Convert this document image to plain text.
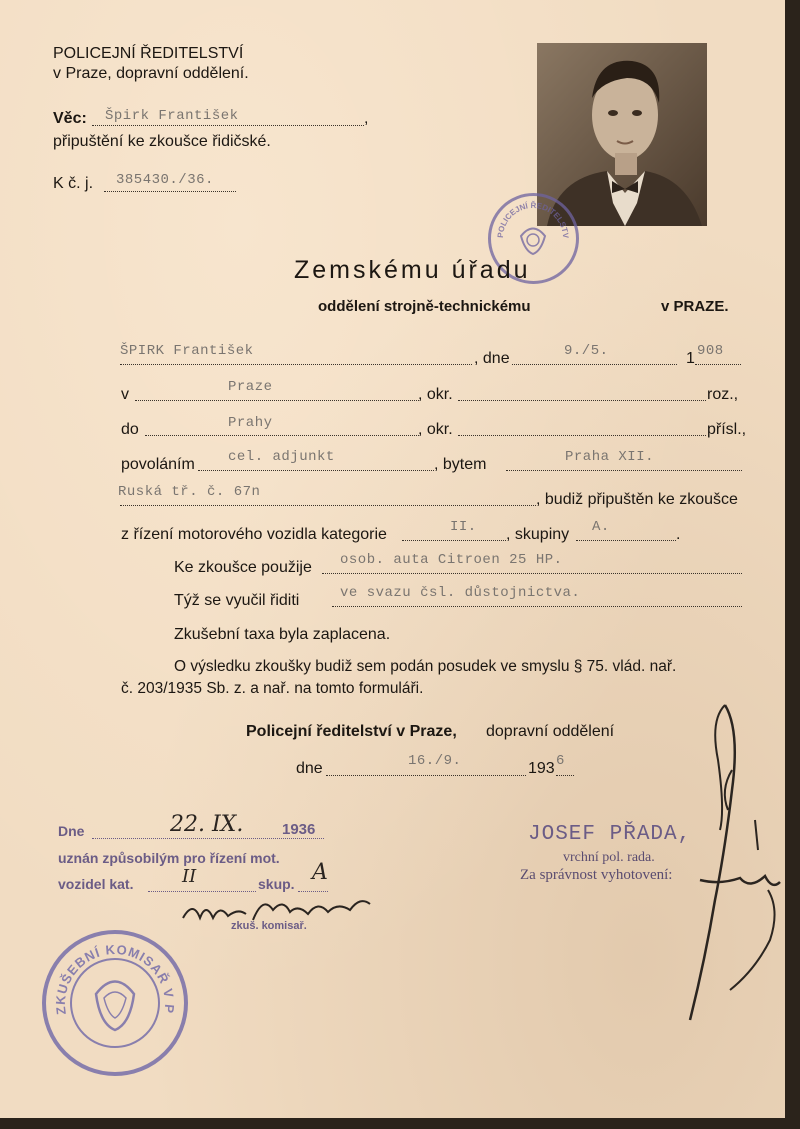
POLICEJNÍ ŘEDITELSTVÍ
v Praze, dopravní oddělení.
Věc: Špirk František	,
připuštění ke zkoušce řidičské.
K č. j. 385430./36.
POLICEJNÍ ŘEDITELSTV
Zemskému úřadu
oddělení strojně-technickému	v PRAZE.
ŠPIRK František	, dne	9./5.	1 908
v	Praze	, okr.	roz.,
do	Prahy	, okr.	přísl.,
povoláním cel. adjunkt	, bytem	Praha XII.
Ruská tř. č. 67n	, budiž připuštěn ke zkoušce
z řízení motorového vozidla kategorie	II. , skupiny A.	.
Ke zkoušce použije osob. auta Citroen 25 HP.
Týž se vyučil řiditi	ve svazu čsl. důstojnictva.
Zkušební taxa byla zaplacena.
O výsledku zkoušky budiž sem podán posudek ve smyslu § 75. vlád. nař.
č. 203/1935 Sb. z. a nař. na tomto formuláři.
Policejní ředitelství v Praze, dopravní oddělení
dne	16./9.	193 6
JOSEF PŘADA,
vrchní pol. rada.
Za správnost vyhotovení:
Dne	22. IX.	1936
uznán způsobilým pro řízení mot.
vozidel kat.	II	skup. A
zkuš. komisař.
ZKUŠEBNÍ KOMISAŘ V P
